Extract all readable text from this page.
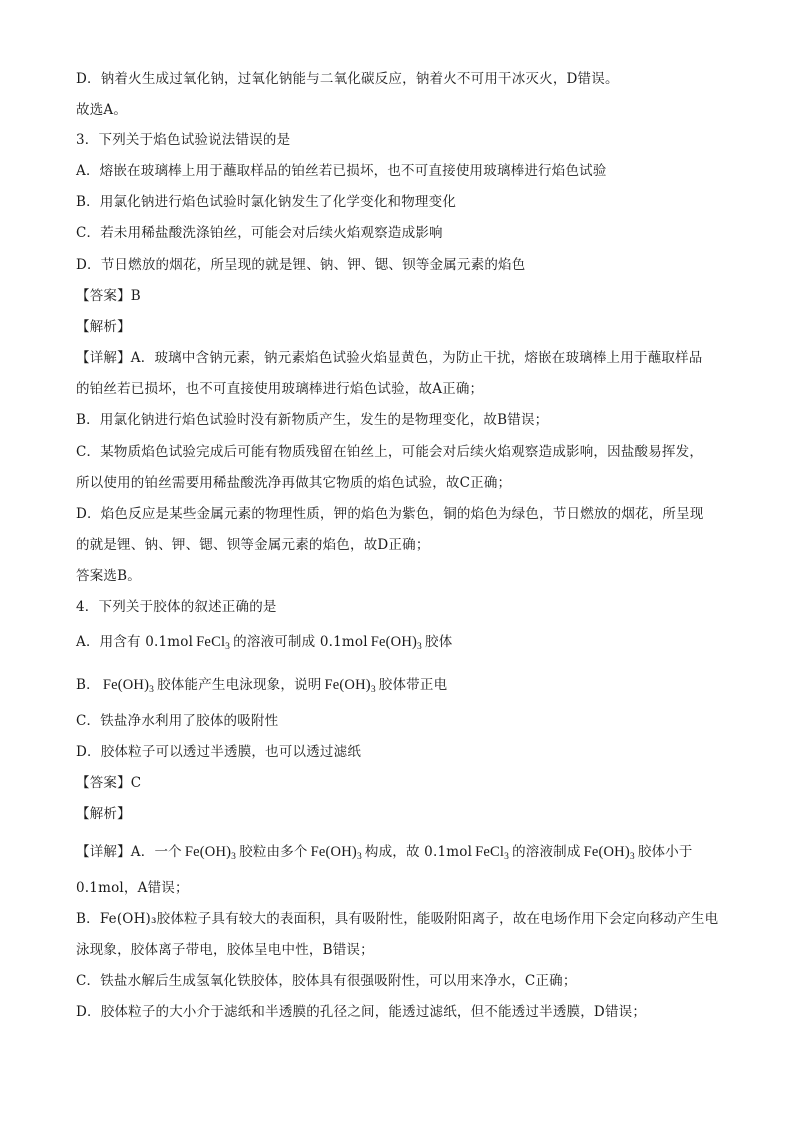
D．钠着火生成过氧化钠，过氧化钠能与二氧化碳反应，钠着火不可用干冰灭火，D错误。
故选A。
3．下列关于焰色试验说法错误的是
A．熔嵌在玻璃棒上用于蘸取样品的铂丝若已损坏，也不可直接使用玻璃棒进行焰色试验
B．用氯化钠进行焰色试验时氯化钠发生了化学变化和物理变化
C．若未用稀盐酸洗涤铂丝，可能会对后续火焰观察造成影响
D．节日燃放的烟花，所呈现的就是锂、钠、钾、锶、钡等金属元素的焰色
【答案】B
【解析】
【详解】A．玻璃中含钠元素，钠元素焰色试验火焰显黄色，为防止干扰，熔嵌在玻璃棒上用于蘸取样品
的铂丝若已损坏，也不可直接使用玻璃棒进行焰色试验，故A正确；
B．用氯化钠进行焰色试验时没有新物质产生，发生的是物理变化，故B错误；
C．某物质焰色试验完成后可能有物质残留在铂丝上，可能会对后续火焰观察造成影响，因盐酸易挥发，
所以使用的铂丝需要用稀盐酸洗净再做其它物质的焰色试验，故C正确；
D．焰色反应是某些金属元素的物理性质，钾的焰色为紫色，铜的焰色为绿色，节日燃放的烟花，所呈现
的就是锂、钠、钾、锶、钡等金属元素的焰色，故D正确；
答案选B。
4．下列关于胶体的叙述正确的是
A．用含有 0.1mol FeCl$_3$ 的溶液可制成 0.1mol $Fe(OH)_3$ 胶体
B． $Fe(OH)_3$ 胶体能产生电泳现象，说明 $Fe(OH)_3$ 胶体带正电
C．铁盐净水利用了胶体的吸附性
D．胶体粒子可以透过半透膜，也可以透过滤纸
【答案】C
【解析】
【详解】A．一个 $Fe(OH)_3$ 胶粒由多个 $Fe(OH)_3$ 构成，故 0.1mol FeCl$_3$ 的溶液制成 $Fe(OH)_3$ 胶体小于
0.1mol，A错误；
B．Fe(OH)₃胶体粒子具有较大的表面积，具有吸附性，能吸附阳离子，故在电场作用下会定向移动产生电
泳现象，胶体离子带电，胶体呈电中性，B错误；
C．铁盐水解后生成氢氧化铁胶体，胶体具有很强吸附性，可以用来净水，C正确；
D．胶体粒子的大小介于滤纸和半透膜的孔径之间，能透过滤纸，但不能透过半透膜，D错误；
